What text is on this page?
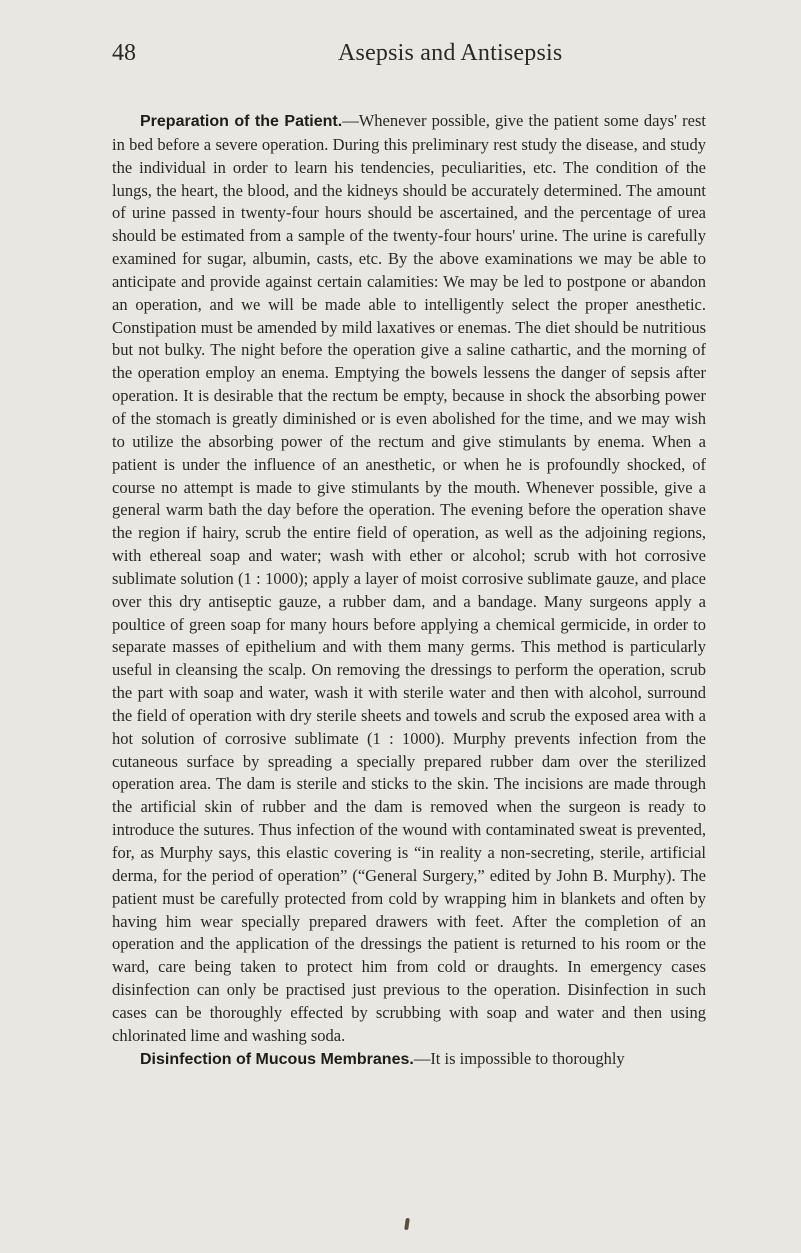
48	Asepsis and Antisepsis

Preparation of the Patient.—Whenever possible, give the patient some days' rest in bed before a severe operation. During this preliminary rest study the disease, and study the individual in order to learn his tendencies, peculiarities, etc. The condition of the lungs, the heart, the blood, and the kidneys should be accurately determined. The amount of urine passed in twenty-four hours should be ascertained, and the percentage of urea should be estimated from a sample of the twenty-four hours' urine. The urine is carefully examined for sugar, albumin, casts, etc. By the above examinations we may be able to anticipate and provide against certain calamities: We may be led to postpone or abandon an operation, and we will be made able to intelligently select the proper anesthetic. Constipation must be amended by mild laxatives or enemas. The diet should be nutritious but not bulky. The night before the operation give a saline cathartic, and the morning of the operation employ an enema. Emptying the bowels lessens the danger of sepsis after operation. It is desirable that the rectum be empty, because in shock the absorbing power of the stomach is greatly diminished or is even abolished for the time, and we may wish to utilize the absorbing power of the rectum and give stimulants by enema. When a patient is under the influence of an anesthetic, or when he is profoundly shocked, of course no attempt is made to give stimulants by the mouth. Whenever possible, give a general warm bath the day before the operation. The evening before the operation shave the region if hairy, scrub the entire field of operation, as well as the adjoining regions, with ethereal soap and water; wash with ether or alcohol; scrub with hot corrosive sublimate solution (1 : 1000); apply a layer of moist corrosive sublimate gauze, and place over this dry antiseptic gauze, a rubber dam, and a bandage. Many surgeons apply a poultice of green soap for many hours before applying a chemical germicide, in order to separate masses of epithelium and with them many germs. This method is particularly useful in cleansing the scalp. On removing the dressings to perform the operation, scrub the part with soap and water, wash it with sterile water and then with alcohol, surround the field of operation with dry sterile sheets and towels and scrub the exposed area with a hot solution of corrosive sublimate (1 : 1000). Murphy prevents infection from the cutaneous surface by spreading a specially prepared rubber dam over the sterilized operation area. The dam is sterile and sticks to the skin. The incisions are made through the artificial skin of rubber and the dam is removed when the surgeon is ready to introduce the sutures. Thus infection of the wound with contaminated sweat is prevented, for, as Murphy says, this elastic covering is “in reality a non-secreting, sterile, artificial derma, for the period of operation” (“General Surgery,” edited by John B. Murphy). The patient must be carefully protected from cold by wrapping him in blankets and often by having him wear specially prepared drawers with feet. After the completion of an operation and the application of the dressings the patient is returned to his room or the ward, care being taken to protect him from cold or draughts. In emergency cases disinfection can only be practised just previous to the operation. Disinfection in such cases can be thoroughly effected by scrubbing with soap and water and then using chlorinated lime and washing soda.

Disinfection of Mucous Membranes.—It is impossible to thoroughly
